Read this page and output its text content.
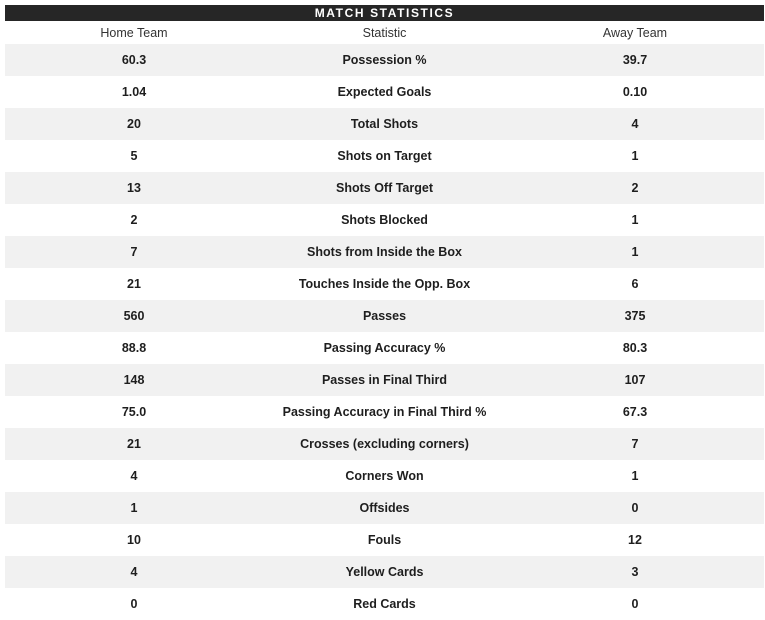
MATCH STATISTICS
Home Team	Statistic	Away Team
60.3	Possession %	39.7
1.04	Expected Goals	0.10
20	Total Shots	4
5	Shots on Target	1
13	Shots Off Target	2
2	Shots Blocked	1
7	Shots from Inside the Box	1
21	Touches Inside the Opp. Box	6
560	Passes	375
88.8	Passing Accuracy %	80.3
148	Passes in Final Third	107
75.0	Passing Accuracy in Final Third %	67.3
21	Crosses (excluding corners)	7
4	Corners Won	1
1	Offsides	0
10	Fouls	12
4	Yellow Cards	3
0	Red Cards	0
